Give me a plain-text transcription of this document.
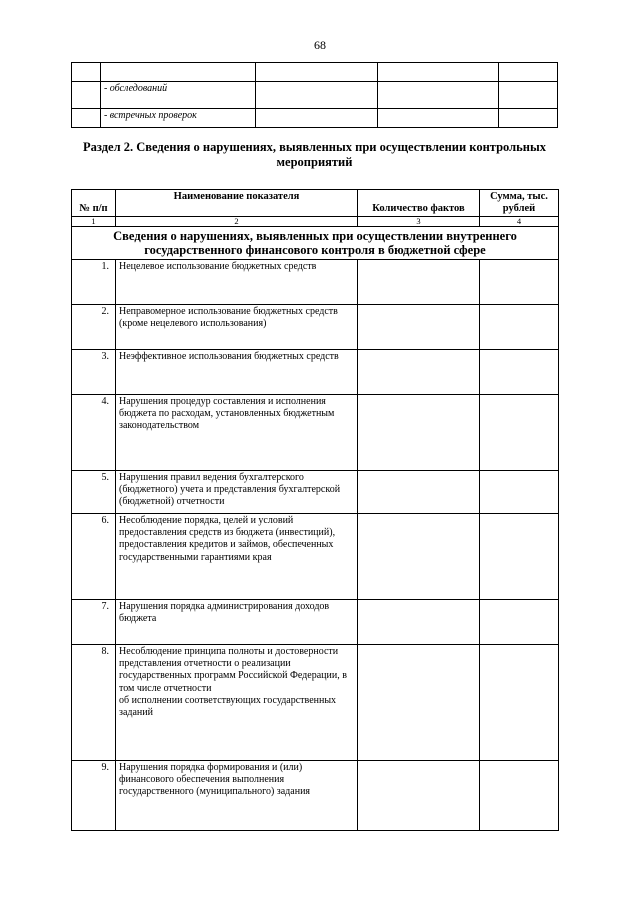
68

	- обследований			
	- встречных проверок			
Раздел 2. Сведения о нарушениях, выявленных при осуществлении контрольных мероприятий
№ п/п	Наименование показателя	Количество фактов	Сумма, тыс. рублей
1	2	3	4
Сведения о нарушениях, выявленных при осуществлении внутреннего государственного финансового контроля в бюджетной сфере			
1.	Нецелевое использование бюджетных средств		
2.	Неправомерное использование бюджетных средств (кроме нецелевого использования)		
3.	Неэффективное использования бюджетных средств		
4.	Нарушения процедур составления и исполнения бюджета по расходам, установленных бюджетным законодательством		
5.	Нарушения правил ведения бухгалтерского (бюджетного) учета и представления бухгалтерской (бюджетной) отчетности		
6.	Несоблюдение порядка, целей и условий предоставления средств из бюджета (инвестиций), предоставления кредитов и займов, обеспеченных государственными гарантиями края		
7.	Нарушения порядка администрирования доходов бюджета		
8.	Несоблюдение принципа полноты и достоверности представления отчетности о реализации государственных программ Российской Федерации, в том числе отчетности
об исполнении соответствующих государственных заданий		
9.	Нарушения порядка формирования и (или) финансового обеспечения выполнения государственного (муниципального) задания		
